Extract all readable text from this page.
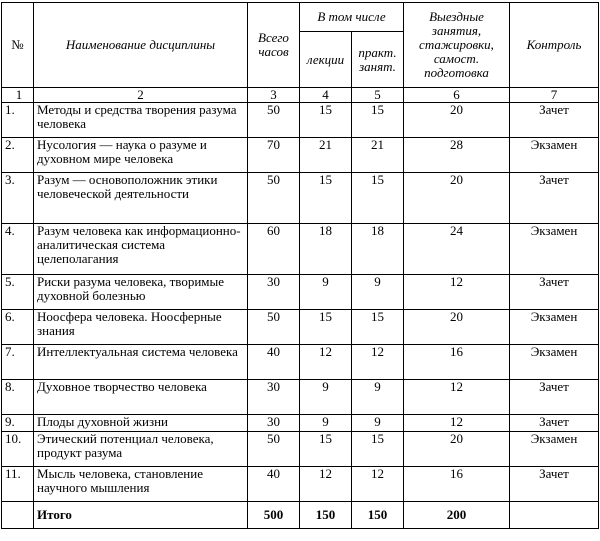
№	Наименование дисциплины	Всего часов	В том числе		Выездные занятия, стажировки, самост. подготовка	Контроль
			лекции	практ. занят.		
1	2	3	4	5	6	7
1.	Методы и средства творения разума человека	50	15	15	20	Зачет
2.	Нусология — наука о разуме и духовном мире человека	70	21	21	28	Экзамен
3.	Разум — основоположник этики человеческой деятельности	50	15	15	20	Зачет
4.	Разум человека как информационно-аналитическая система целеполагания	60	18	18	24	Экзамен
5.	Риски разума человека, творимые духовной болезнью	30	9	9	12	Зачет
6.	Ноосфера человека. Ноосферные знания	50	15	15	20	Экзамен
7.	Интеллектуальная система человека	40	12	12	16	Экзамен
8.	Духовное творчество человека	30	9	9	12	Зачет
9.	Плоды духовной жизни	30	9	9	12	Зачет
10.	Этический потенциал человека, продукт разума	50	15	15	20	Экзамен
11.	Мысль человека, становление научного мышления	40	12	12	16	Зачет
	Итого	500	150	150	200	
